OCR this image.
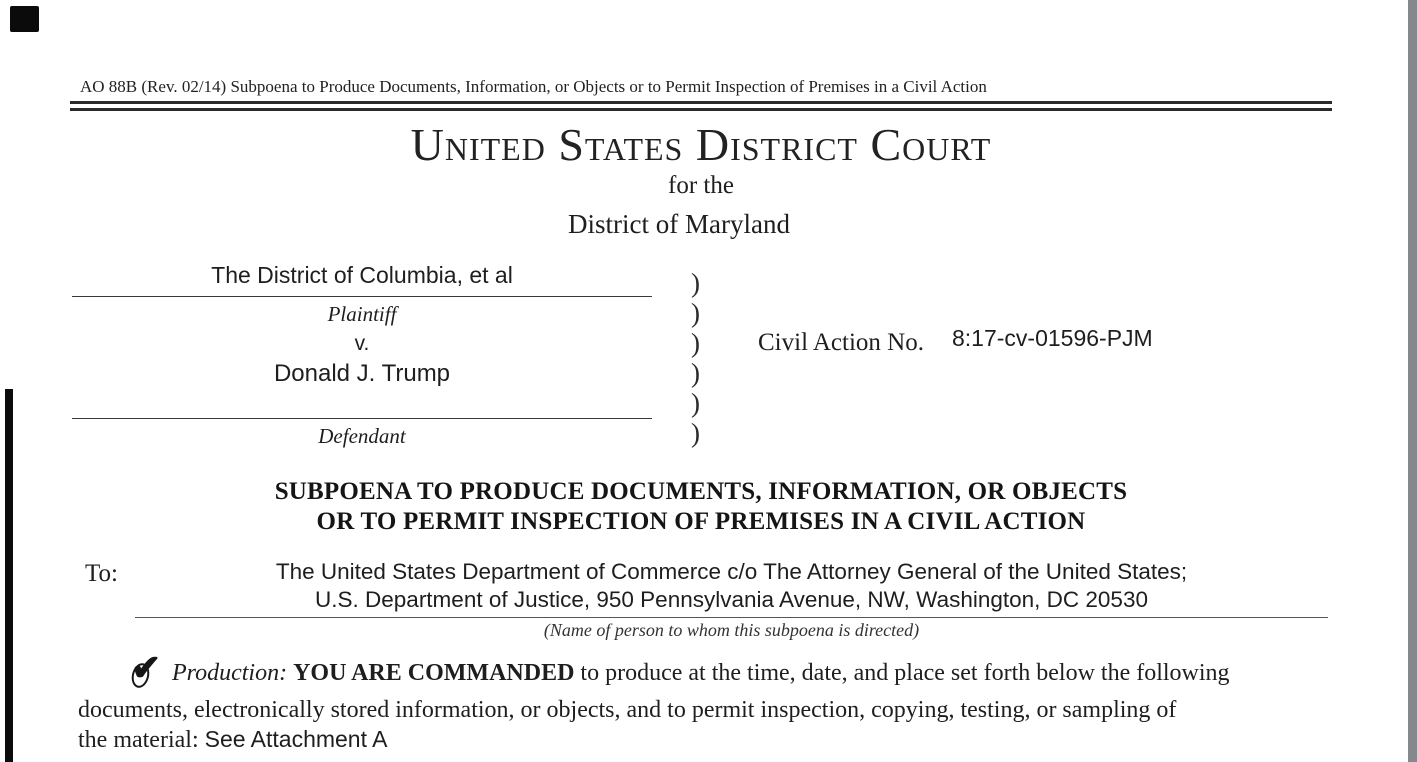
AO 88B (Rev. 02/14) Subpoena to Produce Documents, Information, or Objects or to Permit Inspection of Premises in a Civil Action
United States District Court
for the
District of Maryland
The District of Columbia, et al
Plaintiff
v.
Donald J. Trump
Defendant
)
)
)
)
)
)
Civil Action No. 8:17-cv-01596-PJM
SUBPOENA TO PRODUCE DOCUMENTS, INFORMATION, OR OBJECTS
OR TO PERMIT INSPECTION OF PREMISES IN A CIVIL ACTION
To:	The United States Department of Commerce c/o The Attorney General of the United States;
U.S. Department of Justice, 950 Pennsylvania Avenue, NW, Washington, DC 20530
(Name of person to whom this subpoena is directed)
✔ Production: YOU ARE COMMANDED to produce at the time, date, and place set forth below the following
documents, electronically stored information, or objects, and to permit inspection, copying, testing, or sampling of
the material: See Attachment A
